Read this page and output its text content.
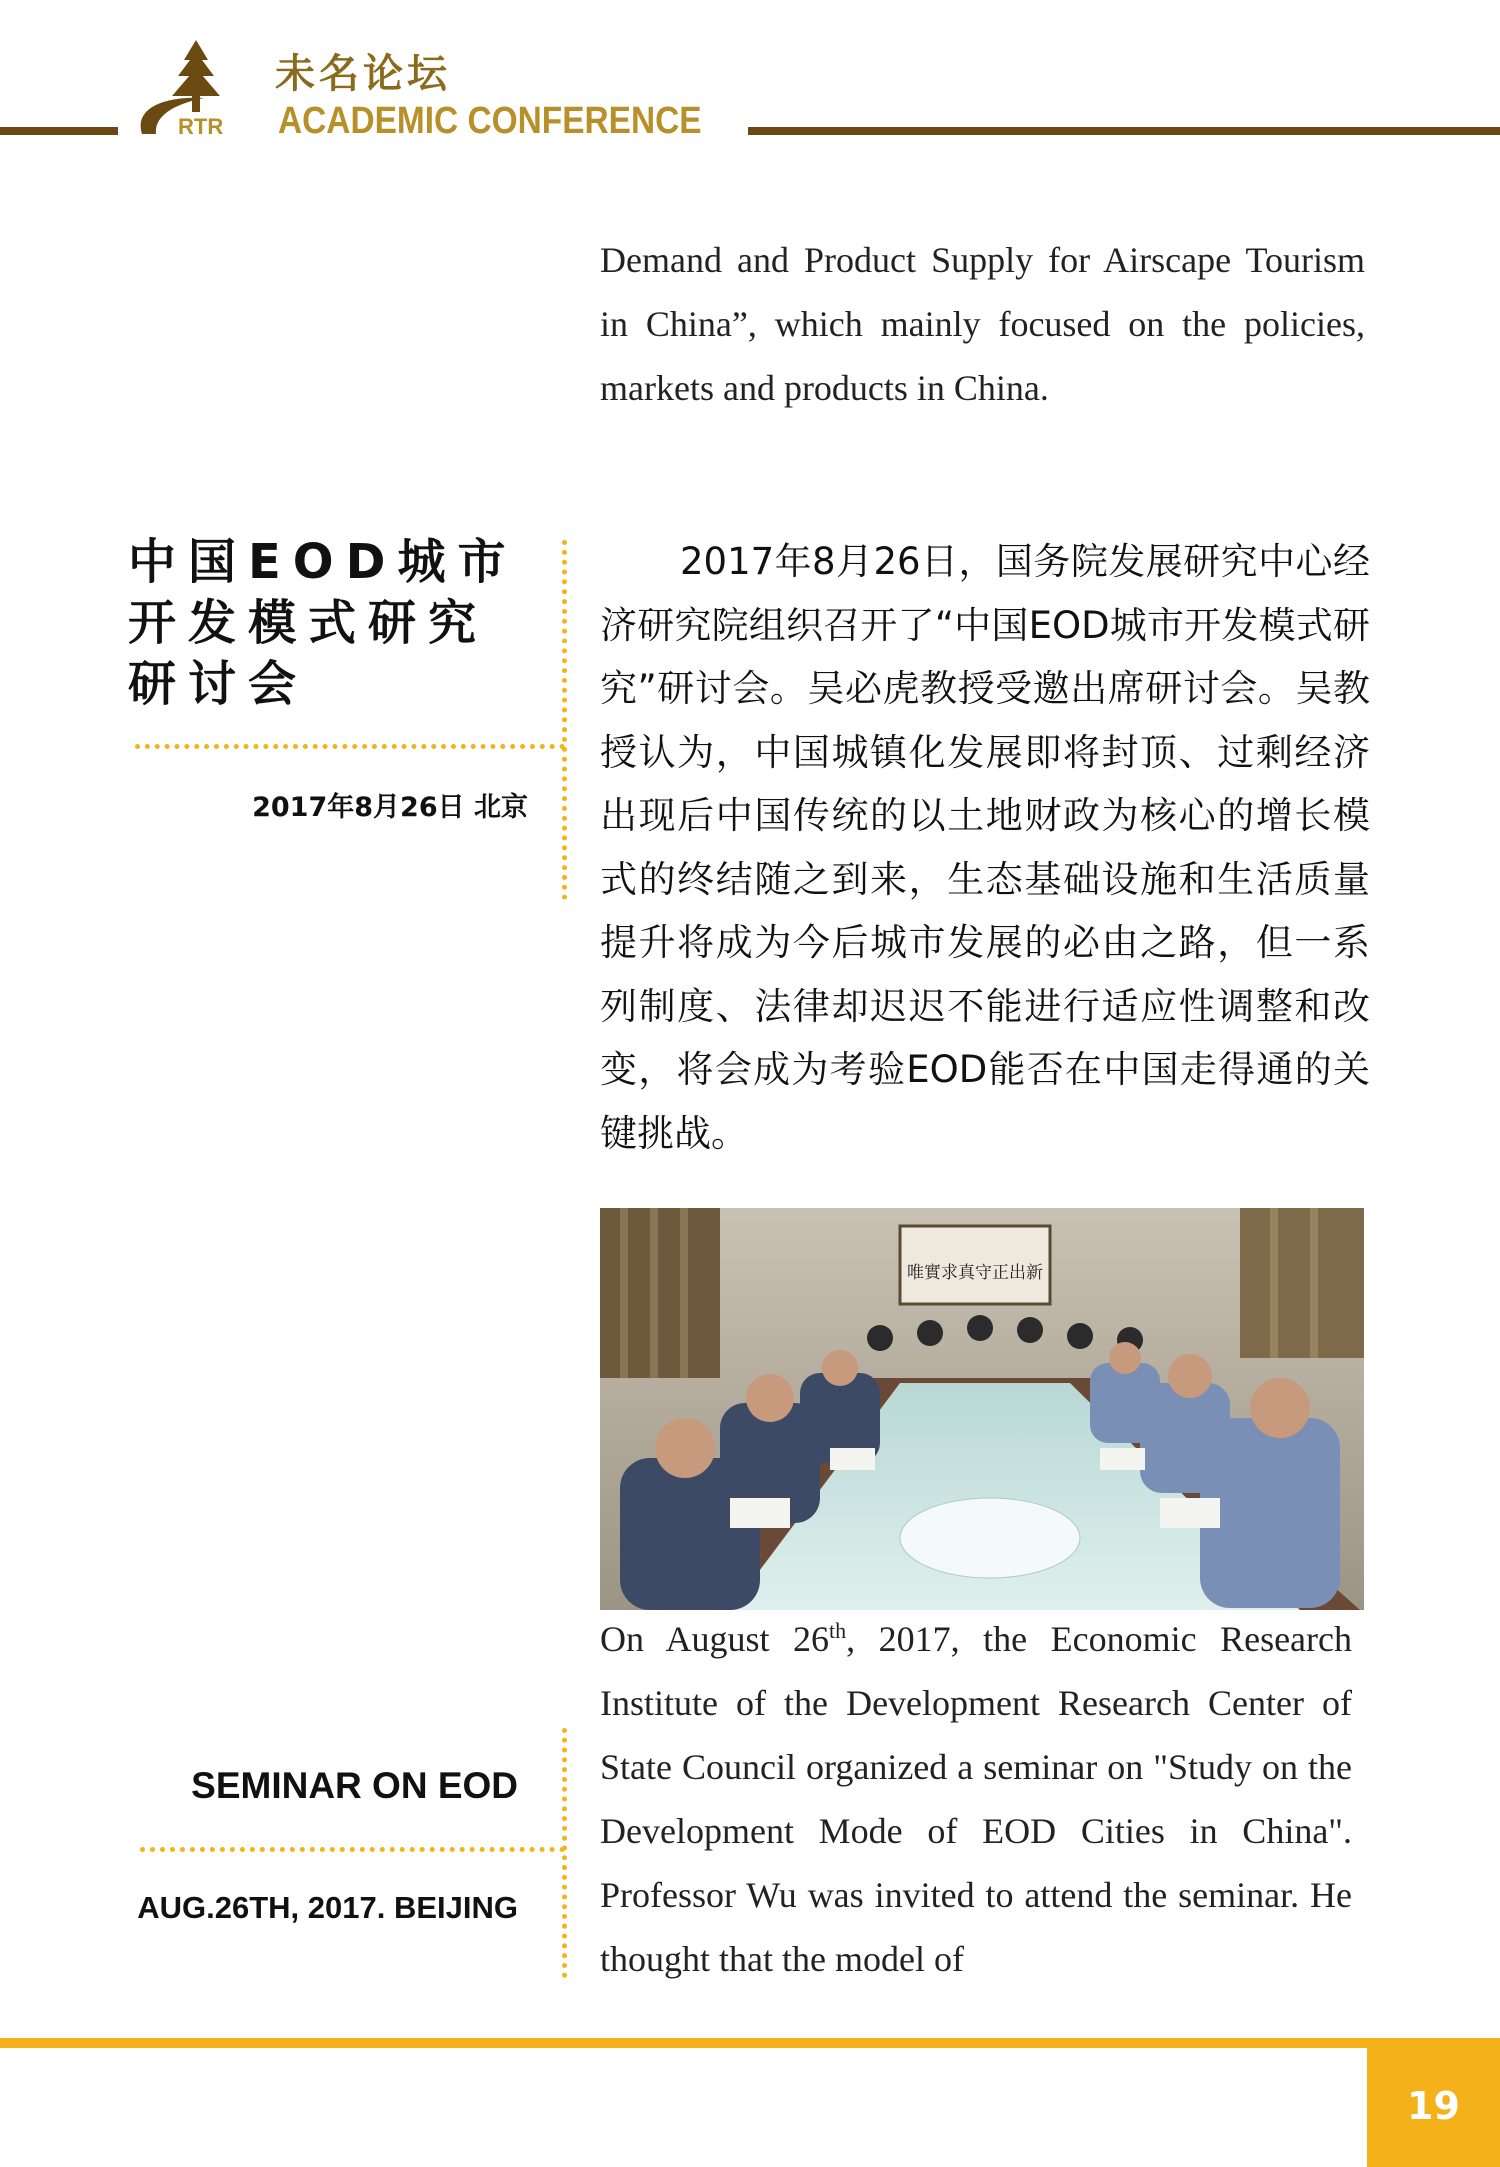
RTR
未名论坛
ACADEMIC CONFERENCE

Demand and Product Supply for Airscape Tourism in China”, which mainly focused on the policies, markets and products in China.

中国EOD城市开发模式研究研讨会
2017年8月26日 北京

2017年8月26日，国务院发展研究中心经济研究院组织召开了“中国EOD城市开发模式研究”研讨会。吴必虎教授受邀出席研讨会。吴教授认为，中国城镇化发展即将封顶、过剩经济出现后中国传统的以土地财政为核心的增长模式的终结随之到来，生态基础设施和生活质量提升将成为今后城市发展的必由之路，但一系列制度、法律却迟迟不能进行适应性调整和改变，将会成为考验EOD能否在中国走得通的关键挑战。

唯實求真守正出新
SEMINAR ON EOD
AUG.26TH, 2017. BEIJING

On August 26th, 2017, the Economic Research Institute of the Development Research Center of State Council organized a seminar on "Study on the Development Mode of EOD Cities in China". Professor Wu was invited to attend the seminar. He thought that the model of

19
